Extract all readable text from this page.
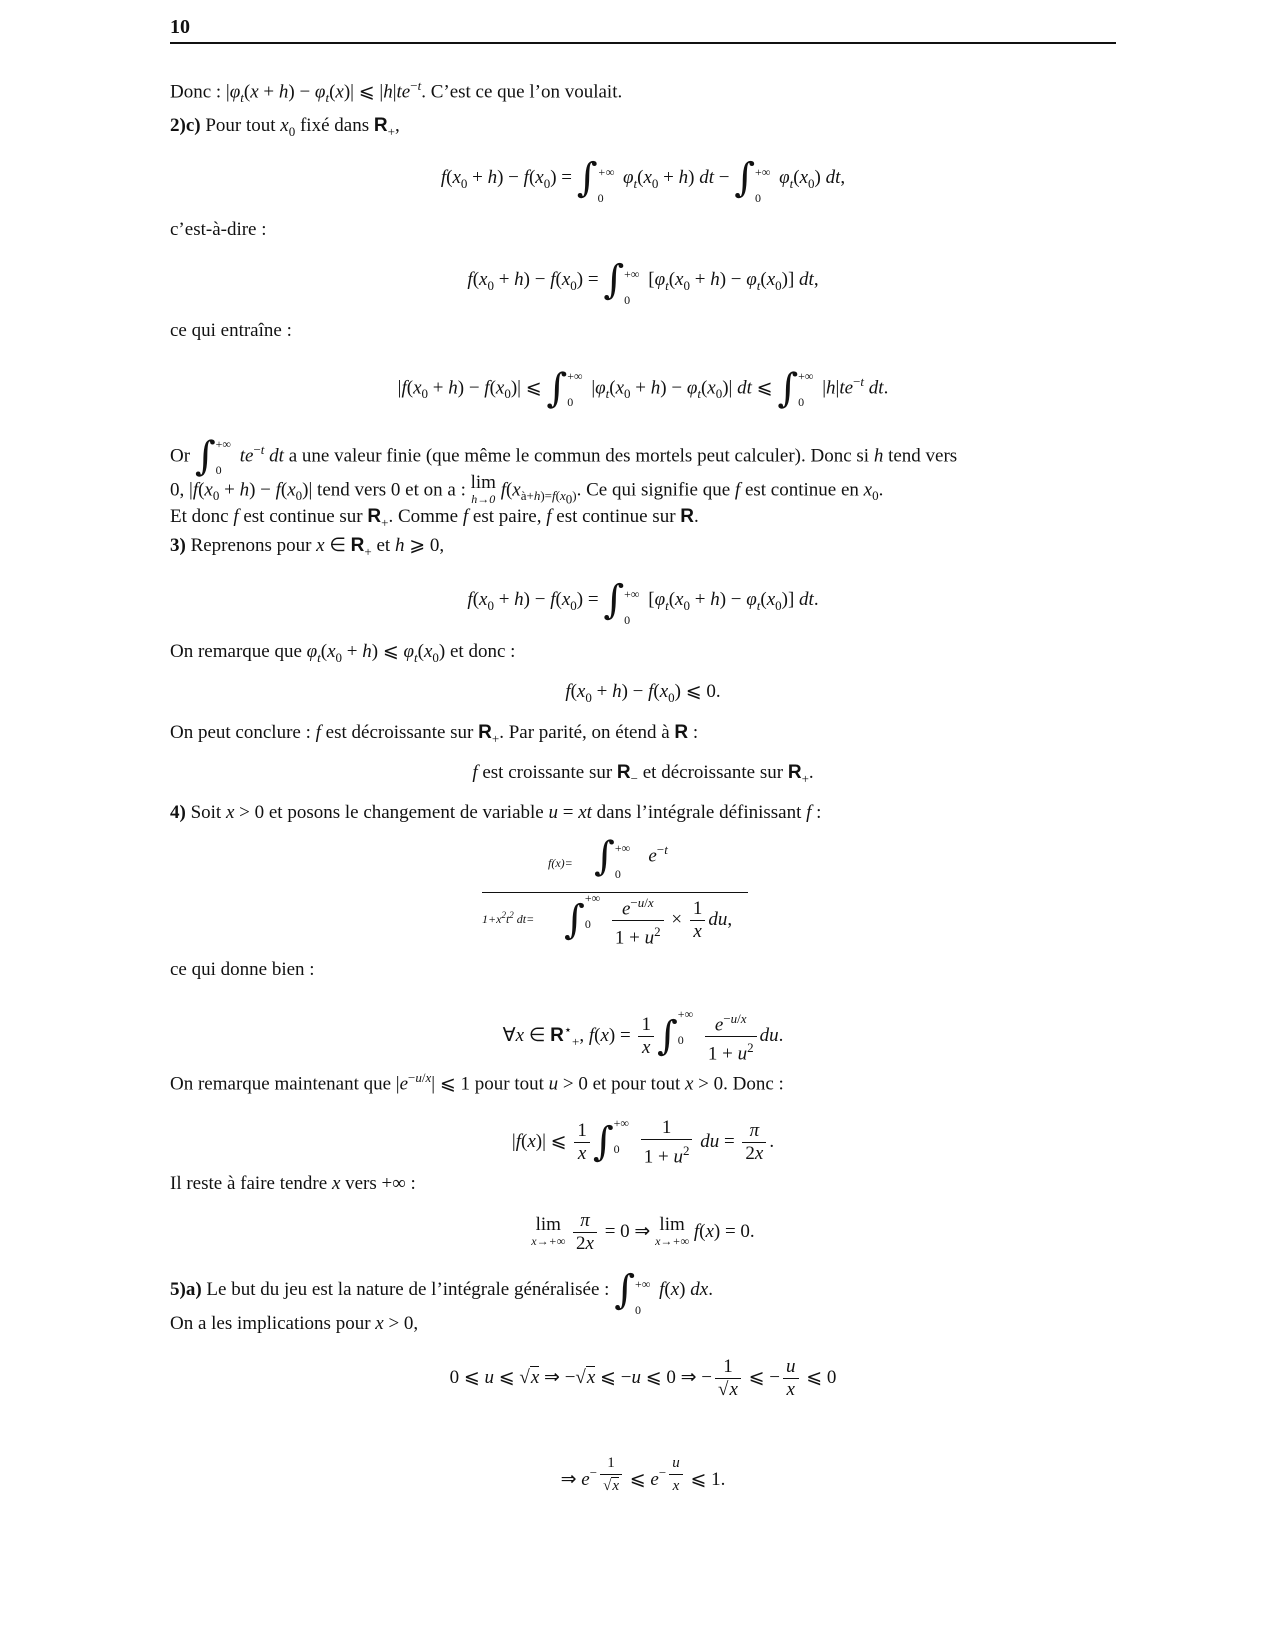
10
Donc : $|\varphi_t(x + h) - \varphi_t(x)|$ ⩽ $|h|te^{-t}$. C’est ce que l’on voulait.
2)c) Pour tout $x_0$ fixé dans $R_+$,
$f(x_0 + h) - f(x_0)$ = ∫+∞

0 $\varphi_t(x_0 + h)$ dt − ∫+∞

0 $\varphi_t(x_0)$ dt,
c’est-à-dire :
$f(x_0 + h) - f(x_0)$ = ∫+∞

0 $[\varphi_t(x_0 + h) - \varphi_t(x_0)]$ dt,
ce qui entraîne :
$|f(x_0 + h) - f(x_0)|$ ⩽ ∫+∞

0 $|\varphi_t(x_0 + h) - \varphi_t(x_0)|$ dt ⩽ ∫+∞

0 $|h|te^{-t}$ dt.
Or ∫+∞

0 $te^{-t}$ dt a une valeur finie (que même le commun des mortels peut calculer). Donc si h tend vers
0, $|f(x_0 + h) - f(x_0)|$ tend vers 0 et on a : lim
h→0 $f(x_{à+h)=f(x_0)}$. Ce qui signifie que f est continue en $x_0$.
Et donc f est continue sur $R_+$. Comme f est paire, f est continue sur R.
3) Reprenons pour x ∈ $R_+$ et h ⩾ 0,
$f(x_0 + h) - f(x_0)$ = ∫+∞

0 $[\varphi_t(x_0 + h) - \varphi_t(x_0)]$ dt.
On remarque que $\varphi_t(x_0 + h)$ ⩽ $\varphi_t(x_0)$ et donc :
$f(x_0 + h) - f(x_0)$ ⩽ 0.
On peut conclure : f est décroissante sur $R_+$. Par parité, on étend à R :
f est croissante sur $R_-$ et décroissante sur $R_+$.
4) Soit x > 0 et posons le changement de variable u = xt dans l’intégrale définissant f :
f(x)= ∫+∞

0   $e^{-t}$
$1+x^2t^2$ dt= ∫+∞

$0 \frac{e^{-u/x}}{1 + u^2} \times \frac{1}{x}$ du,
ce qui donne bien :
∀x ∈ $R^⋆_+$, $f(x) = \frac{1}{x}$ ∫+∞

$0 \frac{e^{-u/x}}{1 + u^2}$ du.
On remarque maintenant que $|e^{-u/x}|$ ⩽ 1 pour tout u > 0 et pour tout x > 0. Donc :
|f(x)| ⩽ $\frac{1}{x}$ ∫+∞

$0 \frac{1}{1 + u^2}$ du = $\frac{\pi}{2x}$ .
Il reste à faire tendre x vers +∞ :
lim
x→+∞
$\frac{\pi}{2x} = 0$ ⇒ lim
x→+∞ f(x) = 0.
5)a) Le but du jeu est la nature de l’intégrale généralisée : ∫+∞

0 f(x) dx.
On a les implications pour x > 0,
0 ⩽ u ⩽ √x ⇒ −√x ⩽ −u ⩽ 0 ⇒ − $\frac{1}{√x}$ ⩽ − $\frac{u}{x}$ ⩽ 0
⇒ $e^{- \frac{1}{√x}}$ ⩽ $e^{- \frac{u}{x}}$ ⩽ 1.
